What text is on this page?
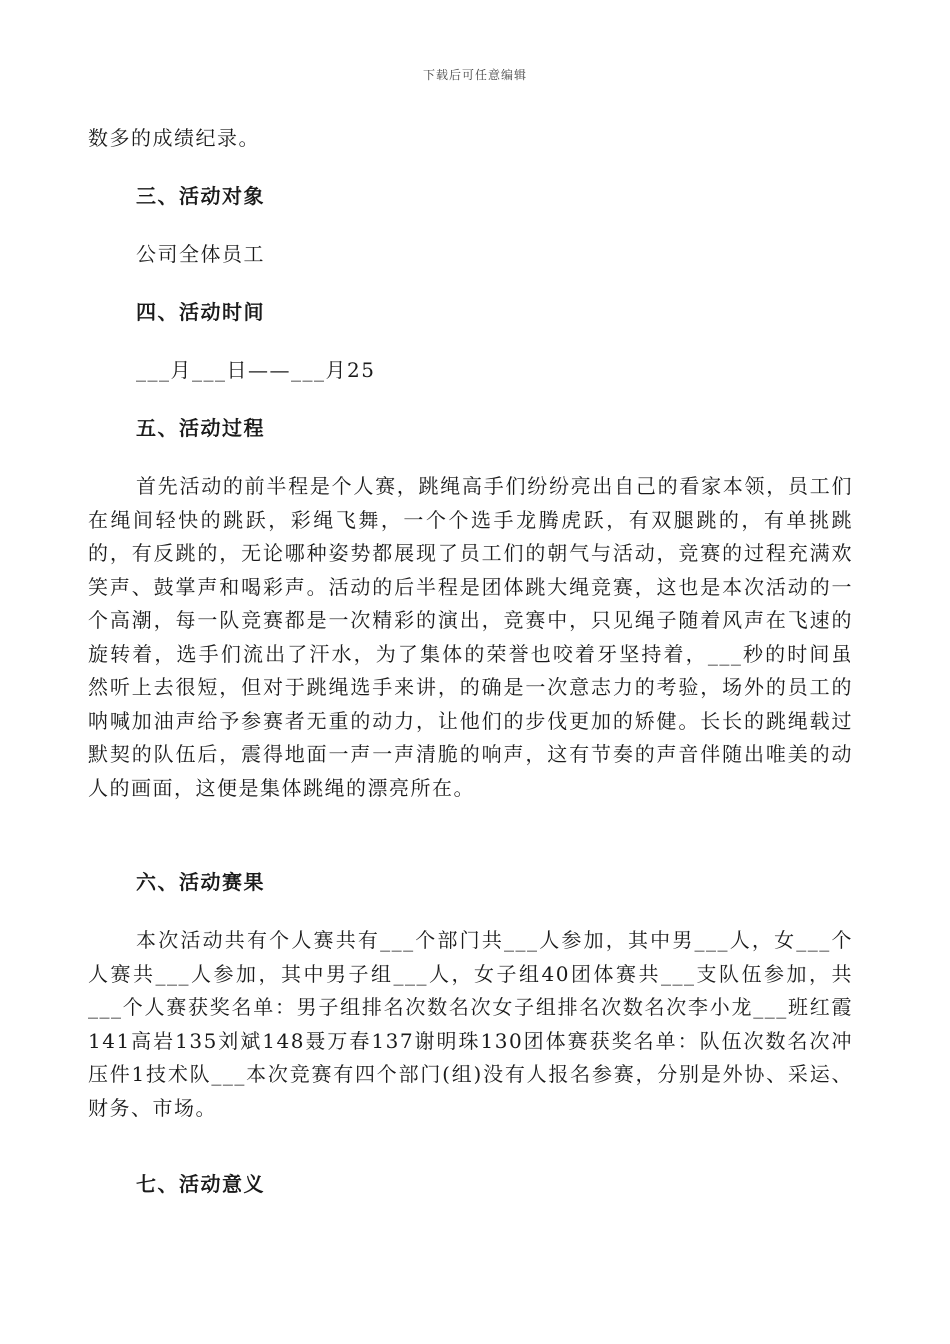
下载后可任意编辑
数多的成绩纪录。
三、活动对象
公司全体员工
四、活动时间
___月___日——___月25
五、活动过程
首先活动的前半程是个人赛，跳绳高手们纷纷亮出自己的看家本领，员工们在绳间轻快的跳跃，彩绳飞舞，一个个选手龙腾虎跃，有双腿跳的，有单挑跳的，有反跳的，无论哪种姿势都展现了员工们的朝气与活动，竞赛的过程充满欢笑声、鼓掌声和喝彩声。活动的后半程是团体跳大绳竞赛，这也是本次活动的一个高潮，每一队竞赛都是一次精彩的演出，竞赛中，只见绳子随着风声在飞速的旋转着，选手们流出了汗水，为了集体的荣誉也咬着牙坚持着，___秒的时间虽然听上去很短，但对于跳绳选手来讲，的确是一次意志力的考验，场外的员工的呐喊加油声给予参赛者无重的动力，让他们的步伐更加的矫健。长长的跳绳载过默契的队伍后，震得地面一声一声清脆的响声，这有节奏的声音伴随出唯美的动人的画面，这便是集体跳绳的漂亮所在。
六、活动赛果
本次活动共有个人赛共有___个部门共___人参加，其中男___人，女___个人赛共___人参加，其中男子组___人，女子组40团体赛共___支队伍参加，共___个人赛获奖名单：男子组排名次数名次女子组排名次数名次李小龙___班红霞141高岩135刘斌148聂万春137谢明珠130团体赛获奖名单：队伍次数名次冲压件1技术队___本次竞赛有四个部门(组)没有人报名参赛，分别是外协、采运、财务、市场。
七、活动意义
